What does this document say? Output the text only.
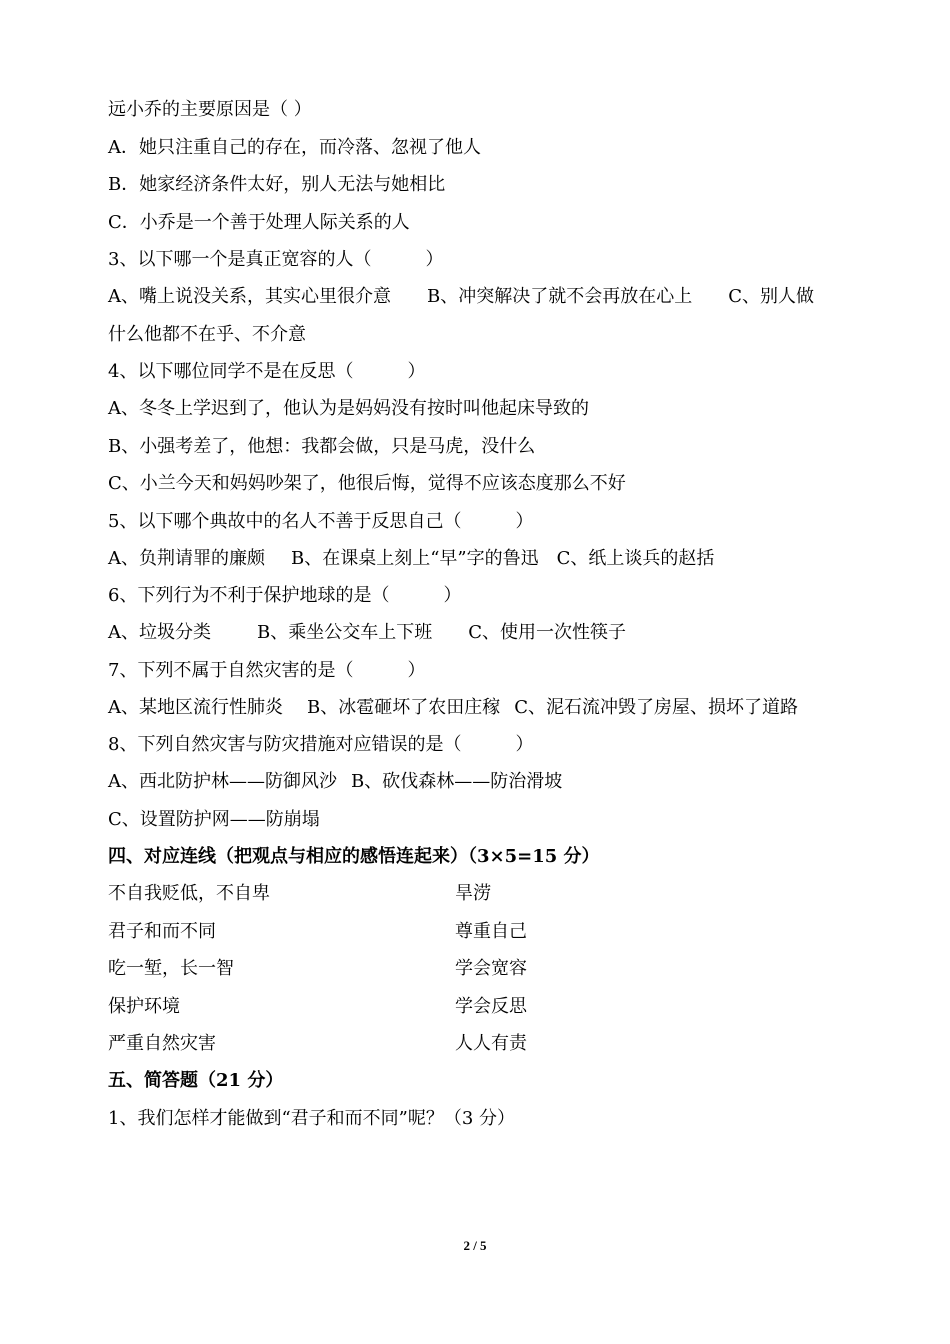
远小乔的主要原因是（ ）
A．她只注重自己的存在，而冷落、忽视了他人
B．她家经济条件太好，别人无法与她相比
C．小乔是一个善于处理人际关系的人
3、以下哪一个是真正宽容的人（　　　）
A、嘴上说没关系，其实心里很介意 B、冲突解决了就不会再放在心上 C、别人做
什么他都不在乎、不介意
4、以下哪位同学不是在反思（　　　）
A、冬冬上学迟到了，他认为是妈妈没有按时叫他起床导致的
B、小强考差了，他想：我都会做，只是马虎，没什么
C、小兰今天和妈妈吵架了，他很后悔，觉得不应该态度那么不好
5、以下哪个典故中的名人不善于反思自己（　　　）
A、负荆请罪的廉颇 B、在课桌上刻上“早”字的鲁迅 C、纸上谈兵的赵括
6、下列行为不利于保护地球的是（　　　）
A、垃圾分类	B、乘坐公交车上下班 C、使用一次性筷子
7、下列不属于自然灾害的是（　　　）
A、某地区流行性肺炎 B、冰雹砸坏了农田庄稼 C、泥石流冲毁了房屋、损坏了道路
8、下列自然灾害与防灾措施对应错误的是（　　　）
A、西北防护林——防御风沙 B、砍伐森林——防治滑坡
C、设置防护网——防崩塌
四、对应连线（把观点与相应的感悟连起来）（3×5=15 分）
不自我贬低，不自卑	旱涝
君子和而不同	尊重自己
吃一堑，长一智	学会宽容
保护环境	学会反思
严重自然灾害	人人有责
五、简答题（21 分）
1、我们怎样才能做到“君子和而不同”呢？（3 分）
2 / 5
